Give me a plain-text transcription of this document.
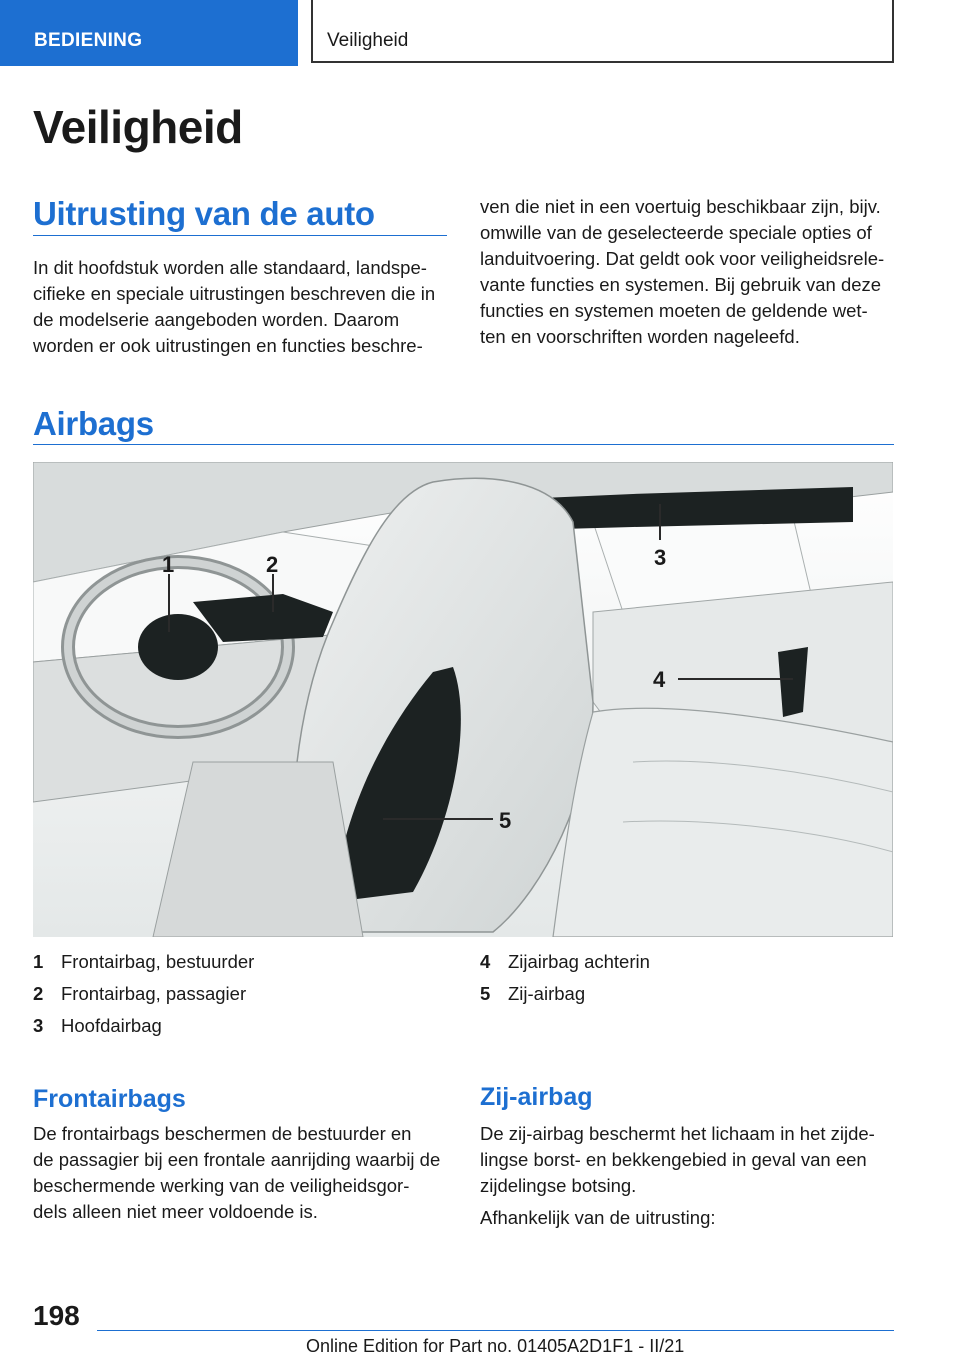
BEDIENING	Veiligheid
Veiligheid
Uitrusting van de auto

In dit hoofdstuk worden alle standaard, landspe-
cifieke en speciale uitrustingen beschreven die in
de modelserie aangeboden worden. Daarom
worden er ook uitrustingen en functies beschre-

ven die niet in een voertuig beschikbaar zijn, bijv.
omwille van de geselecteerde speciale opties of
landuitvoering. Dat geldt ook voor veiligheidsrele-
vante functies en systemen. Bij gebruik van deze
functies en systemen moeten de geldende wet-
ten en voorschriften worden nageleefd.

Airbags
1	2	3
4
5
1 Frontairbag, bestuurder
2 Frontairbag, passagier
3 Hoofdairbag
4 Zijairbag achterin
5 Zij-airbag
Frontairbags

De frontairbags beschermen de bestuurder en
de passagier bij een frontale aanrijding waarbij de
beschermende werking van de veiligheidsgor-
dels alleen niet meer voldoende is.

Zij-airbag

De zij-airbag beschermt het lichaam in het zijde-
lingse borst- en bekkengebied in geval van een
zijdelingse botsing.

Afhankelijk van de uitrusting:

198
Online Edition for Part no. 01405A2D1F1 - II/21
